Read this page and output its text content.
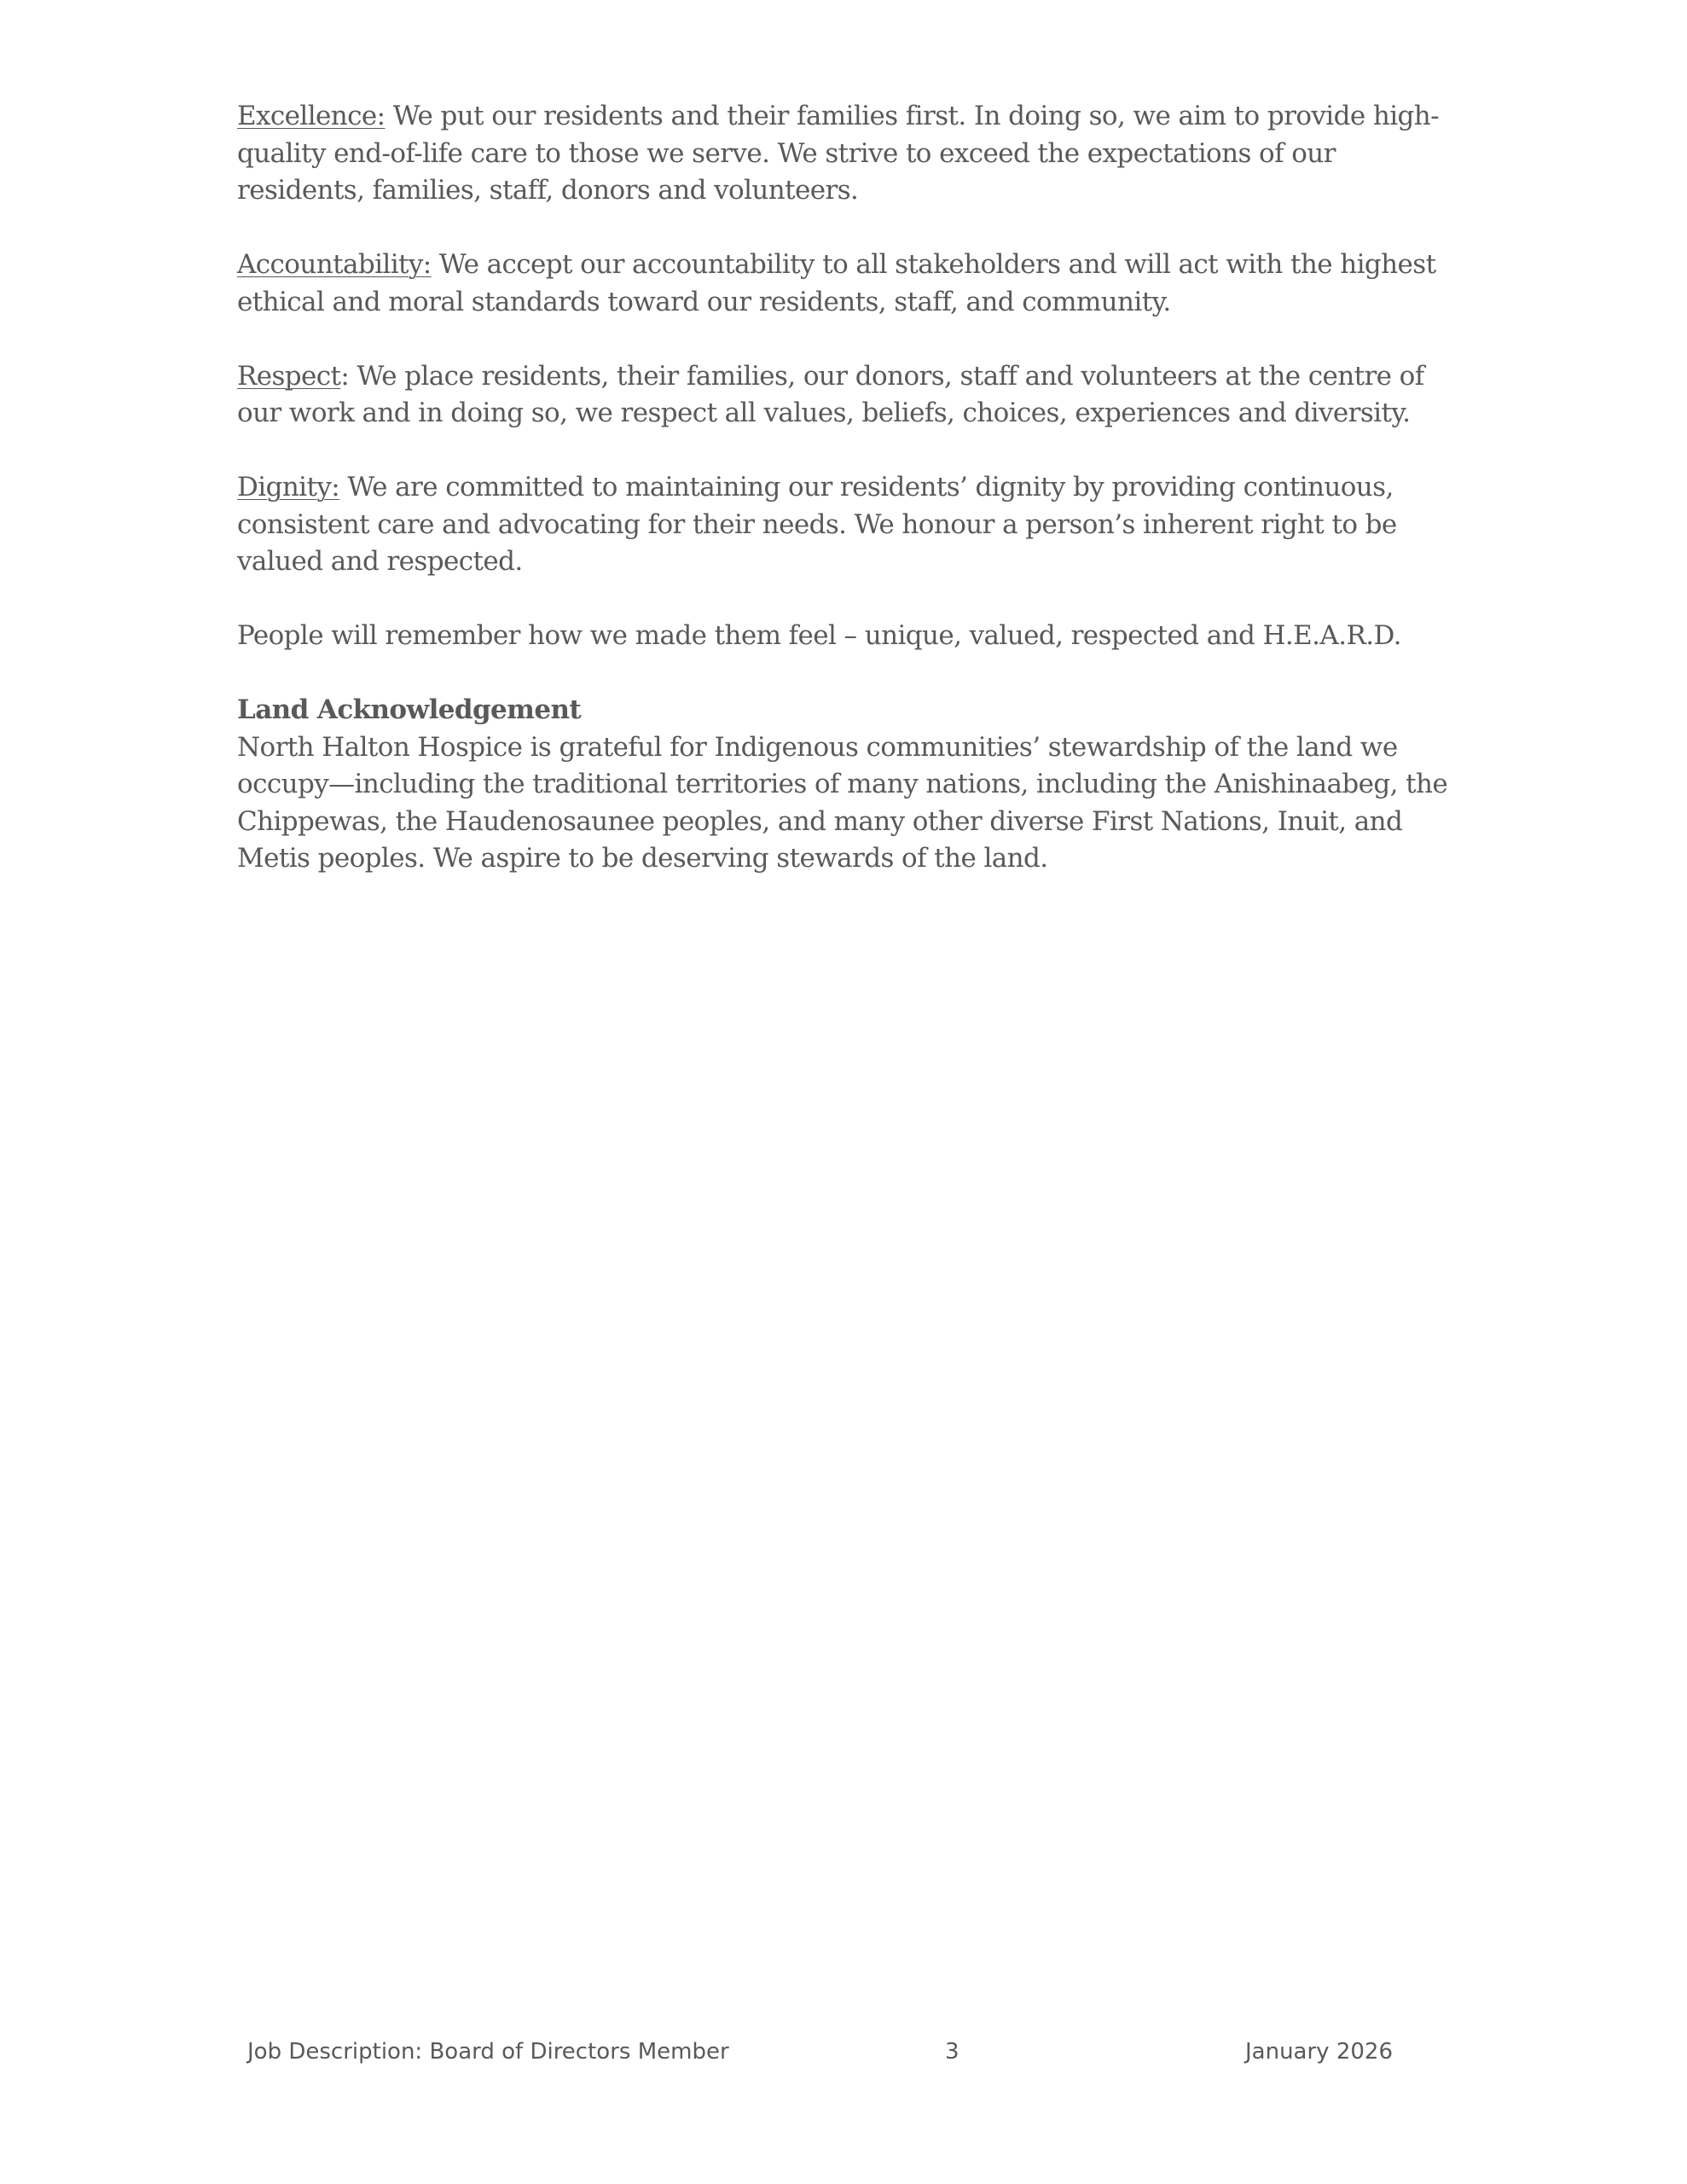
Excellence: We put our residents and their families first. In doing so, we aim to provide high-quality end-of-life care to those we serve. We strive to exceed the expectations of our residents, families, staff, donors and volunteers.

Accountability: We accept our accountability to all stakeholders and will act with the highest ethical and moral standards toward our residents, staff, and community.

Respect: We place residents, their families, our donors, staff and volunteers at the centre of our work and in doing so, we respect all values, beliefs, choices, experiences and diversity.

Dignity: We are committed to maintaining our residents’ dignity by providing continuous, consistent care and advocating for their needs. We honour a person’s inherent right to be valued and respected.

People will remember how we made them feel – unique, valued, respected and H.E.A.R.D.

Land Acknowledgement

North Halton Hospice is grateful for Indigenous communities’ stewardship of the land we occupy—including the traditional territories of many nations, including the Anishinaabeg, the Chippewas, the Haudenosaunee peoples, and many other diverse First Nations, Inuit, and Metis peoples. We aspire to be deserving stewards of the land.

Job Description: Board of Directors Member	3	January 2026
